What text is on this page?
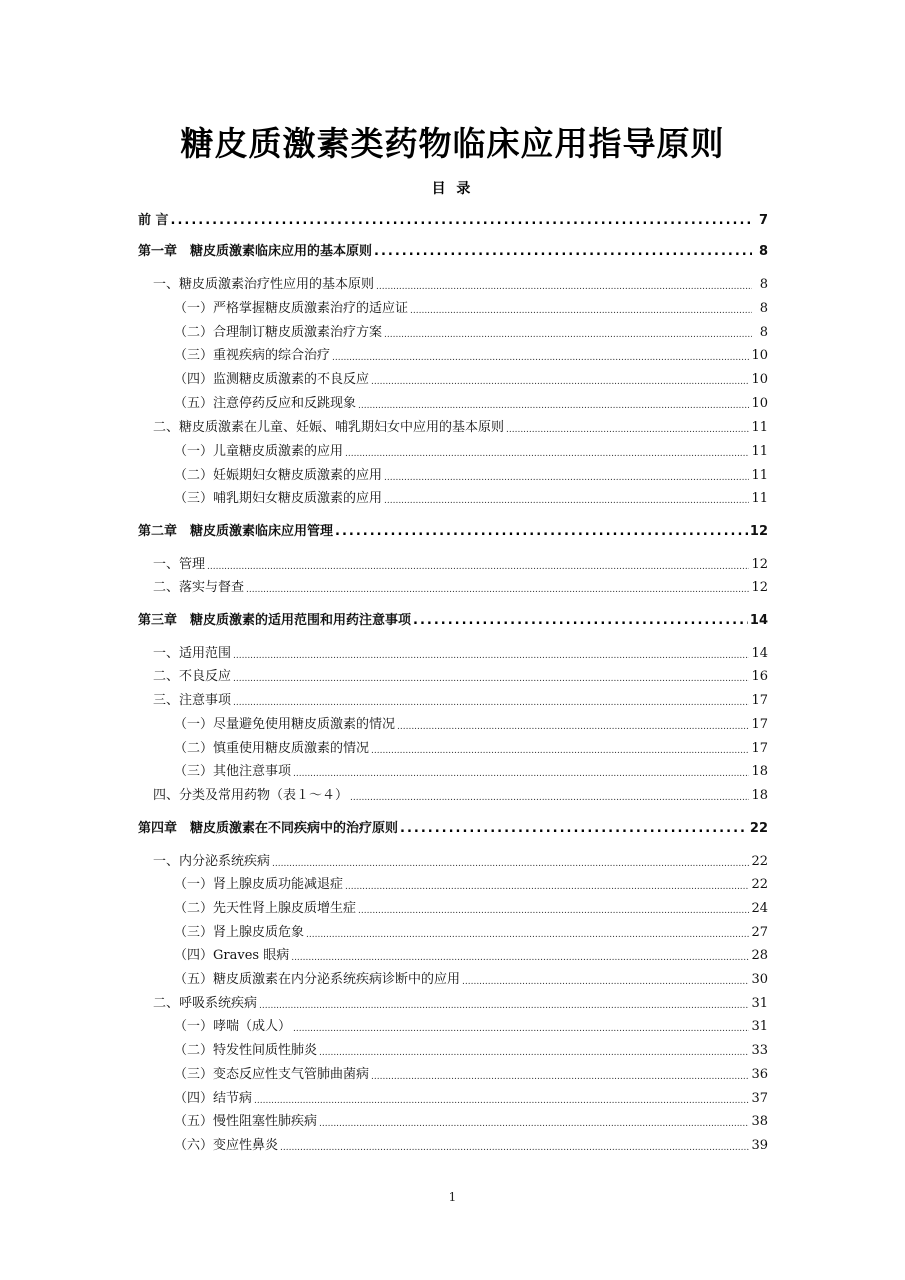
糖皮质激素类药物临床应用指导原则
目 录
前 言 .....	7
第一章　糖皮质激素临床应用的基本原则 .....	8
一、糖皮质激素治疗性应用的基本原则 .....	8
（一）严格掌握糖皮质激素治疗的适应证 .....	8
（二）合理制订糖皮质激素治疗方案 .....	8
（三）重视疾病的综合治疗 .....	10
（四）监测糖皮质激素的不良反应 .....	10
（五）注意停药反应和反跳现象 .....	10
二、糖皮质激素在儿童、妊娠、哺乳期妇女中应用的基本原则 .....	11
（一）儿童糖皮质激素的应用 .....	11
（二）妊娠期妇女糖皮质激素的应用 .....	11
（三）哺乳期妇女糖皮质激素的应用 .....	11
第二章　糖皮质激素临床应用管理 .....	12
一、管理 .....	12
二、落实与督查 .....	12
第三章　糖皮质激素的适用范围和用药注意事项 .....	14
一、适用范围 .....	14
二、不良反应 .....	16
三、注意事项 .....	17
（一）尽量避免使用糖皮质激素的情况 .....	17
（二）慎重使用糖皮质激素的情况 .....	17
（三）其他注意事项 .....	18
四、分类及常用药物（表１～４） .....	18
第四章　糖皮质激素在不同疾病中的治疗原则 .....	22
一、内分泌系统疾病 .....	22
（一）肾上腺皮质功能减退症 .....	22
（二）先天性肾上腺皮质增生症 .....	24
（三）肾上腺皮质危象 .....	27
（四）Graves 眼病 .....	28
（五）糖皮质激素在内分泌系统疾病诊断中的应用 .....	30
二、呼吸系统疾病 .....	31
（一）哮喘（成人） .....	31
（二）特发性间质性肺炎 .....	33
（三）变态反应性支气管肺曲菌病 .....	36
（四）结节病 .....	37
（五）慢性阻塞性肺疾病 .....	38
（六）变应性鼻炎 .....	39
1
